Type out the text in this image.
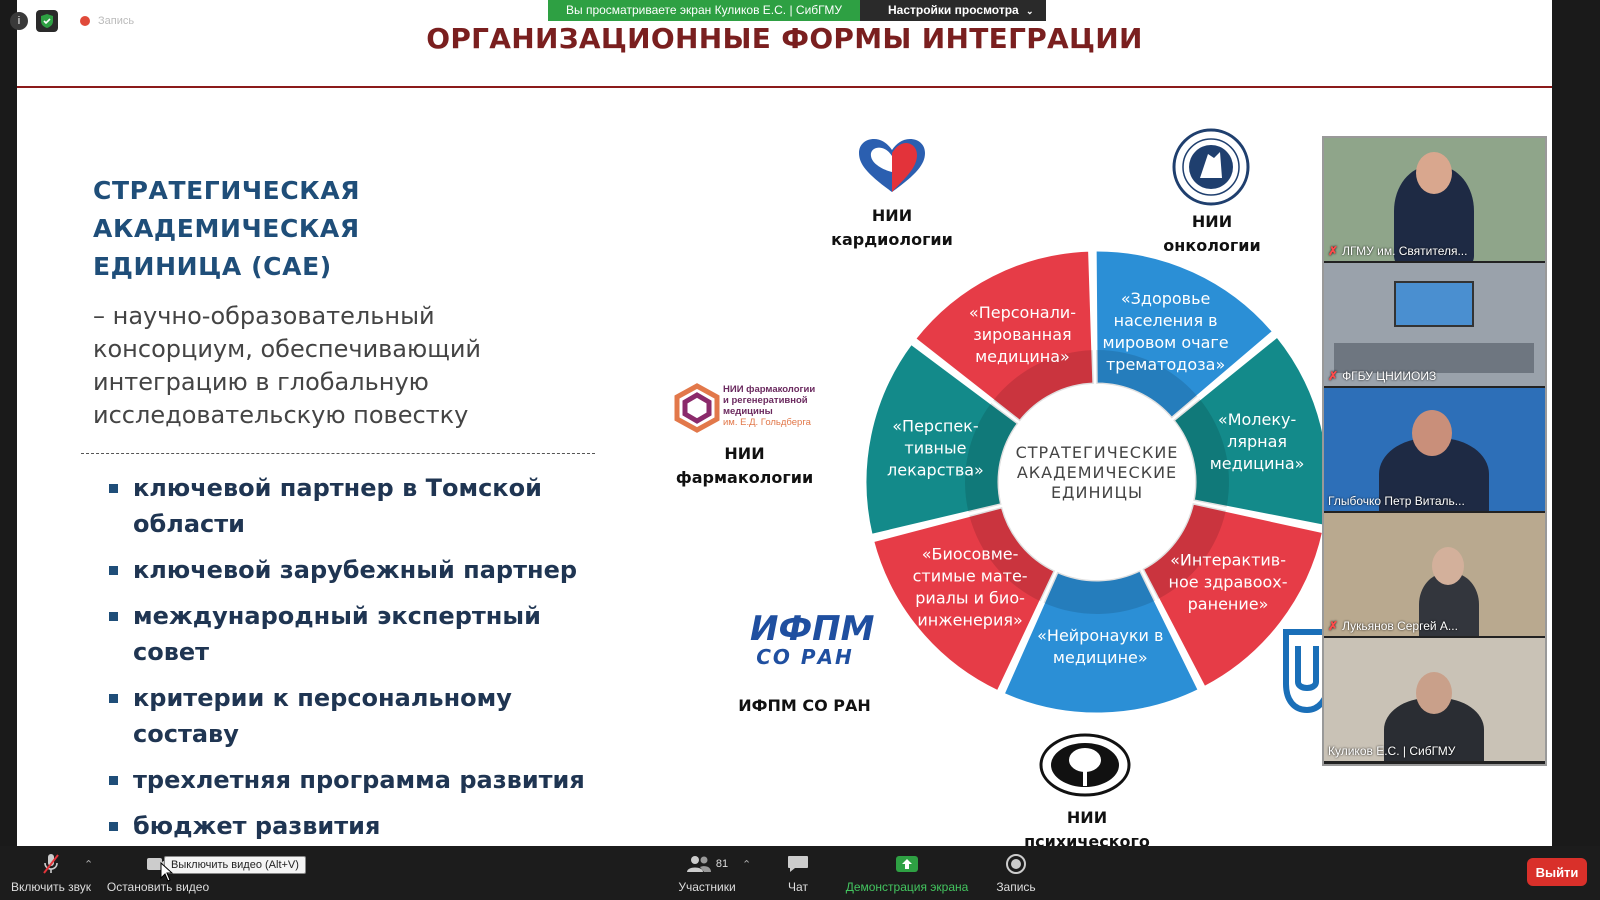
ОРГАНИЗАЦИОННЫЕ ФОРМЫ ИНТЕГРАЦИИ
СТРАТЕГИЧЕСКАЯ
АКАДЕМИЧЕСКАЯ
ЕДИНИЦА (САЕ)
– научно-образовательный консорциум, обеспечивающий интеграцию в глобальную исследовательскую повестку
ключевой партнер в Томской области
ключевой зарубежный партнер
международный экспертный совет
критерии к персональному составу
трехлетняя программа развития
бюджет развития
НИИ
кардиологии
НИИ
онкологии
НИИ фармакологии
и регенеративной
медицины
им. Е.Д. Гольдберга
НИИ
фармакологии
ИФПМ
СО РАН
ИФПМ СО РАН
НИИ психического
«Здоровье
населения в
мировом очаге
трематодоза»
«Молеку-
лярная
медицина»
«Интерактив-
ное здравоох-
ранение»
«Нейронауки в
медицине»
«Биосовме-
стимые мате-
риалы и био-
инженерия»
«Перспек-
тивные
лекарства»
«Персонали-
зированная
медицина»
СТРАТЕГИЧЕСКИЕ
АКАДЕМИЧЕСКИЕ
ЕДИНИЦЫ
i	Запись
Вы просматриваете экран Куликов Е.С. | СибГМУ	Настройки просмотра ⌄
✗ ЛГМУ им. Святителя...
✗ ФГБУ ЦНИИОИЗ
Глыбочко Петр Виталь...
✗ Лукьянов Сергей А...
Куликов Е.С. | СибГМУ
Включить звук
⌃
Остановить видео
81
Участники
⌃
Чат	Демонстрация экрана	Запись
Выйти
Выключить видео (Alt+V)
